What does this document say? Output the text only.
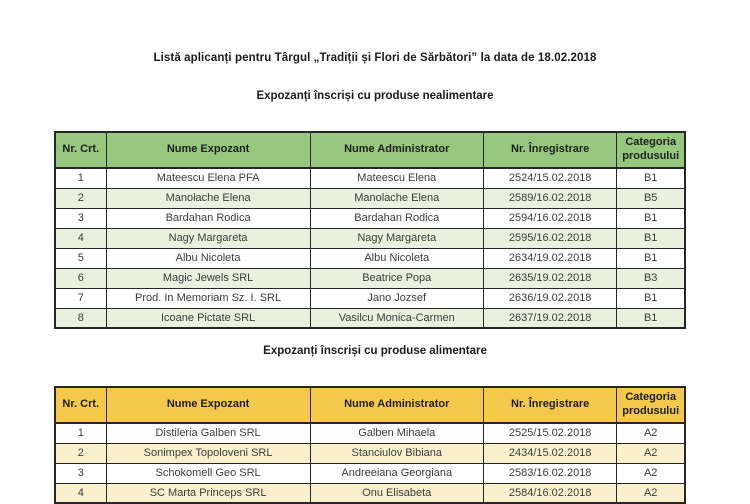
Listă aplicanți pentru Târgul „Tradiții și Flori de Sărbători” la data de 18.02.2018
Expozanți înscriși cu produse nealimentare
Nr. Crt.	Nume Expozant	Nume Administrator	Nr. Înregistrare	Categoria produsului
1	Mateescu Elena PFA	Mateescu Elena	2524/15.02.2018	B1
2	Manolache Elena	Manolache Elena	2589/16.02.2018	B5
3	Bardahan Rodica	Bardahan Rodica	2594/16.02.2018	B1
4	Nagy Margareta	Nagy Margareta	2595/16.02.2018	B1
5	Albu Nicoleta	Albu Nicoleta	2634/19.02.2018	B1
6	Magic Jewels SRL	Beatrice Popa	2635/19.02.2018	B3
7	Prod. In Memoriam Sz. I. SRL	Jano Jozsef	2636/19.02.2018	B1
8	Icoane Pictate SRL	Vasilcu Monica-Carmen	2637/19.02.2018	B1
Expozanți înscriși cu produse alimentare
Nr. Crt.	Nume Expozant	Nume Administrator	Nr. Înregistrare	Categoria produsului
1	Distileria Galben SRL	Galben Mihaela	2525/15.02.2018	A2
2	Sonimpex Topoloveni SRL	Stanciulov Bibiana	2434/15.02.2018	A2
3	Schokomell Geo SRL	Andreeiana Georgiana	2583/16.02.2018	A2
4	SC Marta Princeps SRL	Onu Elisabeta	2584/16.02.2018	A2
